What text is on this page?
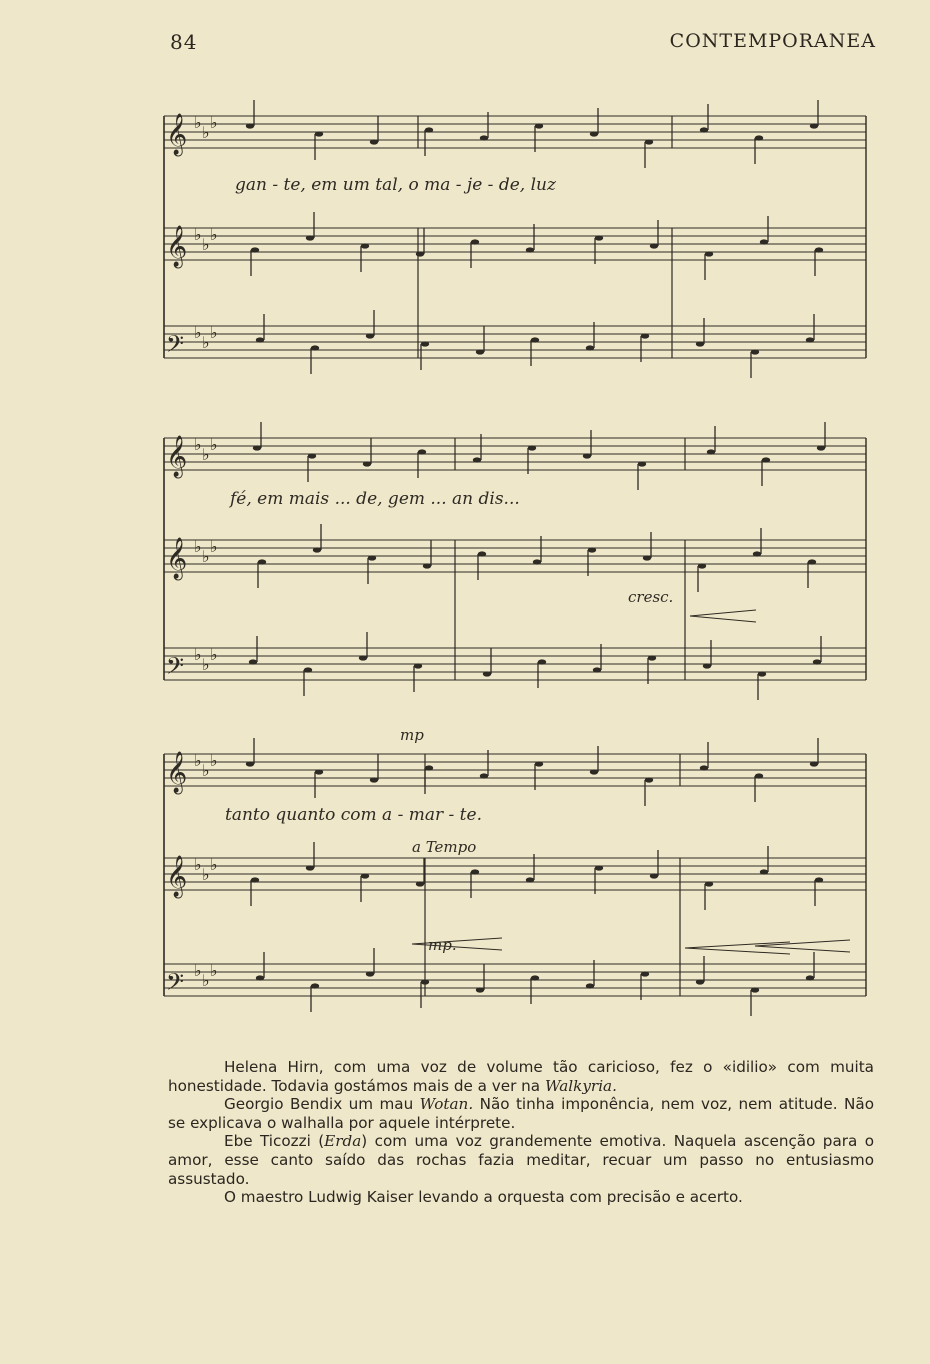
84	CONTEMPORANEA
𝄞 ♭
♭
♭
𝄞 ♭
♭
♭
𝄢 ♭
♭
♭
𝄞 ♭
♭
♭
𝄞 ♭
♭
♭
𝄢 ♭
♭
♭
𝄞 ♭
♭
♭
𝄞 ♭
♭
♭
𝄢 ♭
♭
♭
gan - te, em um tal, o ma - je - de, luz
fé, em mais ... de, gem ... an dis...
cresc.
mp
tanto quanto com a - mar - te.
a Tempo
mp.

Helena Hirn, com uma voz de volume tão caricioso, fez o «idilio» com muita honestidade. Todavia gostámos mais de a ver na Walkyria.

Georgio Bendix um mau Wotan. Não tinha imponência, nem voz, nem atitude. Não se explicava o walhalla por aquele intérprete.

Ebe Ticozzi (Erda) com uma voz grandemente emotiva. Naquela ascenção para o amor, esse canto saído das rochas fazia meditar, recuar um passo no entusiasmo assustado.

O maestro Ludwig Kaiser levando a orquesta com precisão e acerto.
